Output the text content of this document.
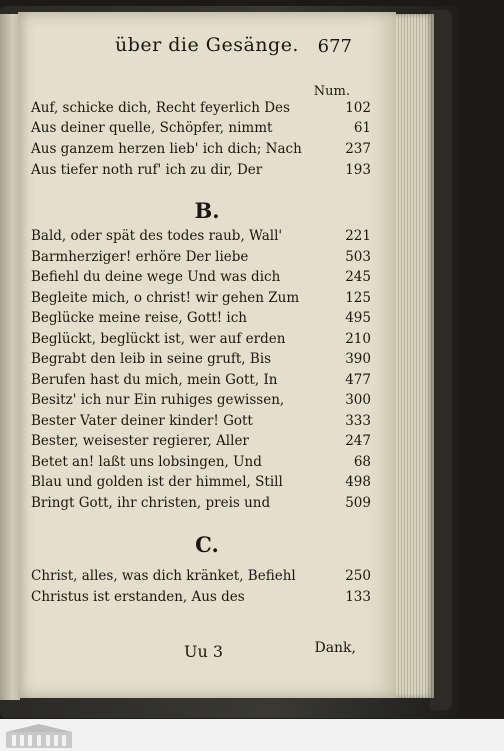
über die Gesänge.	677
Num.
Auf, schicke dich, Recht feyerlich Des	102
Aus deiner quelle, Schöpfer, nimmt	61
Aus ganzem herzen lieb' ich dich; Nach	237
Aus tiefer noth ruf' ich zu dir, Der	193
B.
Bald, oder spät des todes raub, Wall'	221
Barmherziger! erhöre Der liebe	503
Befiehl du deine wege Und was dich	245
Begleite mich, o christ! wir gehen Zum	125
Beglücke meine reise, Gott! ich	495
Beglückt, beglückt ist, wer auf erden	210
Begrabt den leib in seine gruft, Bis	390
Berufen hast du mich, mein Gott, In	477
Besitz' ich nur Ein ruhiges gewissen,	300
Bester Vater deiner kinder! Gott	333
Bester, weisester regierer, Aller	247
Betet an! laßt uns lobsingen, Und	68
Blau und golden ist der himmel, Still	498
Bringt Gott, ihr christen, preis und	509
C.
Christ, alles, was dich kränket, Befiehl	250
Christus ist erstanden, Aus des	133
Uu 3	Dank,
